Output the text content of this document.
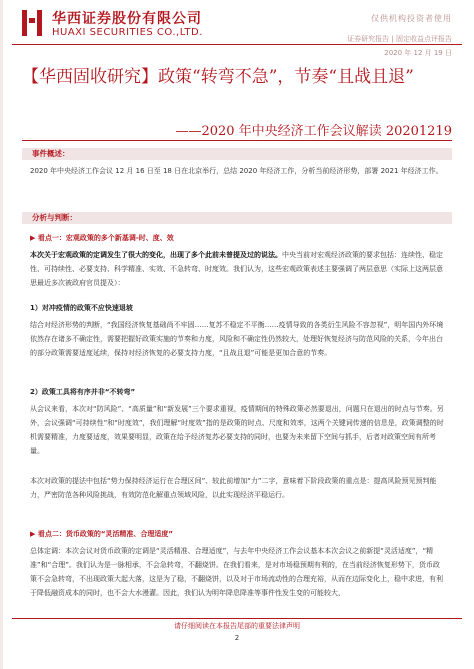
华西证券股份有限公司
HUAXI SECURITIES CO.,LTD.
仅供机构投资者使用
证券研究报告 | 固定收益点评报告
2020 年 12 月 19 日
【华西固收研究】政策“转弯不急”，节奏“且战且退”
——2020 年中央经济工作会议解读 20201219
事件概述：
2020 年中央经济工作会议 12 月 16 日至 18 日在北京举行，总结 2020 年经济工作，分析当前经济形势，部署 2021 年经济工作。
分析与判断：
▶ 看点一：宏观政策的多个新基调-时、度、效
本次关于宏观政策的定调发生了很大的变化，出现了多个此前未曾提及过的说法。中央当前对宏观经济政策的要求包括：连续性、稳定性、可持续性、必要支持、科学精准、实效、不急转弯、时度效。我们认为，这些宏观政策表述主要强调了两层意思（实际上这两层意思最近多次被政府官员提及）：
1）对冲疫情的政策不应快速退坡
结合对经济形势的判断，“我国经济恢复基础尚不牢固……复苏不稳定不平衡……疫情导致的各类衍生风险不容忽视”，明年国内外环境依然存在诸多不确定性，需要把握好政策实施的节奏和力度，风险和不确定性仍然较大，处理好恢复经济与防范风险的关系，今年出台的部分政策需要适度延续，保持对经济恢复的必要支持力度，“且战且退”可能是更加合意的节奏。
2）政策工具将有序并非“不转弯”
从会议来看，本次对“防风险”、“高质量”和“新发展”三个要求重视，疫情期间的特殊政策必然要退出，问题只在退出的时点与节奏。另外，会议强调“可持续性”和“时度效”，我们理解“时度效”指的是政策的时点、尺度和效率，这两个关键词传递的信息是，政策调整的时机需要精准，力度要适度，效果要明显，政策在给予经济复苏必要支持的同时，也要为未来留下空间与抓手，后者对政策空间有所考量。
本次对政策的提法中包括“势力保持经济运行在合理区间”、较此前增加“力”二字，意味着下阶段政策的重点是：提高风险预见预判能力，严密防范各种风险挑战，有效防范化解重点领域风险，以此实现经济平稳运行。
▶ 看点二：货币政策的“灵活精准、合理适度”
总体定调：本次会议对货币政策的定调是“灵活精准、合理适度”，与去年中央经济工作会议基本本次会议之前新提“灵活适度”，“精准”和“合理”。我们认为是一脉相承，不会急转弯，不翻烧饼。在我们看来，是对市场稳预期有利的，在当前经济恢复形势下，货币政策不会急转弯，不出现政策大起大落，这是为了稳，不翻烧饼，以及对于市场流动性的合理充裕，从而在边际变化上，稳中求进，有利于降低融资成本的同时，也不会大水漫灌。因此，我们认为明年降息降准等事件性发生变的可能较大，
请仔细阅读在本报告尾部的重要法律声明
2
